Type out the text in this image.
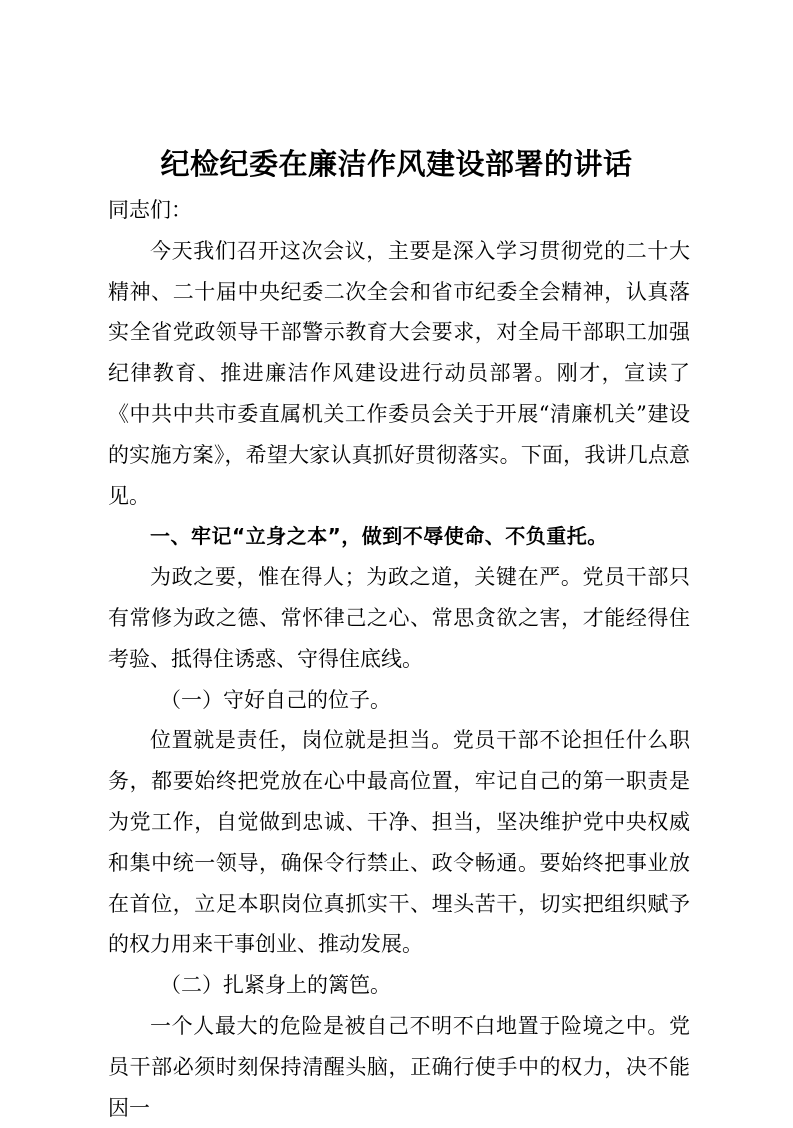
纪检纪委在廉洁作风建设部署的讲话

同志们：

今天我们召开这次会议，主要是深入学习贯彻党的二十大精神、二十届中央纪委二次全会和省市纪委全会精神，认真落实全省党政领导干部警示教育大会要求，对全局干部职工加强纪律教育、推进廉洁作风建设进行动员部署。刚才，宣读了《中共中共市委直属机关工作委员会关于开展“清廉机关”建设的实施方案》，希望大家认真抓好贯彻落实。下面，我讲几点意见。

一、牢记“立身之本”，做到不辱使命、不负重托。

为政之要，惟在得人；为政之道，关键在严。党员干部只有常修为政之德、常怀律己之心、常思贪欲之害，才能经得住考验、抵得住诱惑、守得住底线。

（一）守好自己的位子。

位置就是责任，岗位就是担当。党员干部不论担任什么职务，都要始终把党放在心中最高位置，牢记自己的第一职责是为党工作，自觉做到忠诚、干净、担当，坚决维护党中央权威和集中统一领导，确保令行禁止、政令畅通。要始终把事业放在首位，立足本职岗位真抓实干、埋头苦干，切实把组织赋予的权力用来干事创业、推动发展。

（二）扎紧身上的篱笆。

一个人最大的危险是被自己不明不白地置于险境之中。党员干部必须时刻保持清醒头脑，正确行使手中的权力，决不能因一
